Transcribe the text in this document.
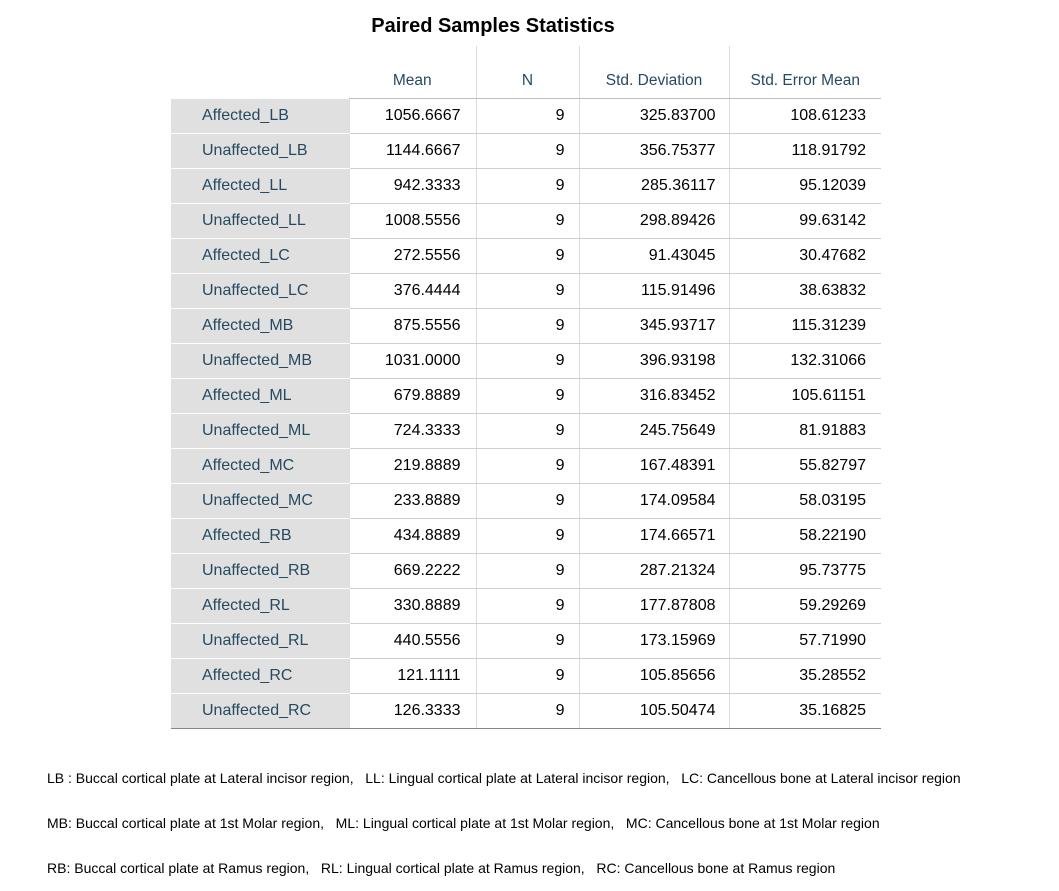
Paired Samples Statistics
	Mean	N	Std. Deviation	Std. Error Mean
Affected_LB	1056.6667	9	325.83700	108.61233
Unaffected_LB	1144.6667	9	356.75377	118.91792
Affected_LL	942.3333	9	285.36117	95.12039
Unaffected_LL	1008.5556	9	298.89426	99.63142
Affected_LC	272.5556	9	91.43045	30.47682
Unaffected_LC	376.4444	9	115.91496	38.63832
Affected_MB	875.5556	9	345.93717	115.31239
Unaffected_MB	1031.0000	9	396.93198	132.31066
Affected_ML	679.8889	9	316.83452	105.61151
Unaffected_ML	724.3333	9	245.75649	81.91883
Affected_MC	219.8889	9	167.48391	55.82797
Unaffected_MC	233.8889	9	174.09584	58.03195
Affected_RB	434.8889	9	174.66571	58.22190
Unaffected_RB	669.2222	9	287.21324	95.73775
Affected_RL	330.8889	9	177.87808	59.29269
Unaffected_RL	440.5556	9	173.15969	57.71990
Affected_RC	121.1111	9	105.85656	35.28552
Unaffected_RC	126.3333	9	105.50474	35.16825

LB : Buccal cortical plate at Lateral incisor region,   LL: Lingual cortical plate at Lateral incisor region,   LC: Cancellous bone at Lateral incisor region

MB: Buccal cortical plate at 1st Molar region,   ML: Lingual cortical plate at 1st Molar region,   MC: Cancellous bone at 1st Molar region

RB: Buccal cortical plate at Ramus region,   RL: Lingual cortical plate at Ramus region,   RC: Cancellous bone at Ramus region
